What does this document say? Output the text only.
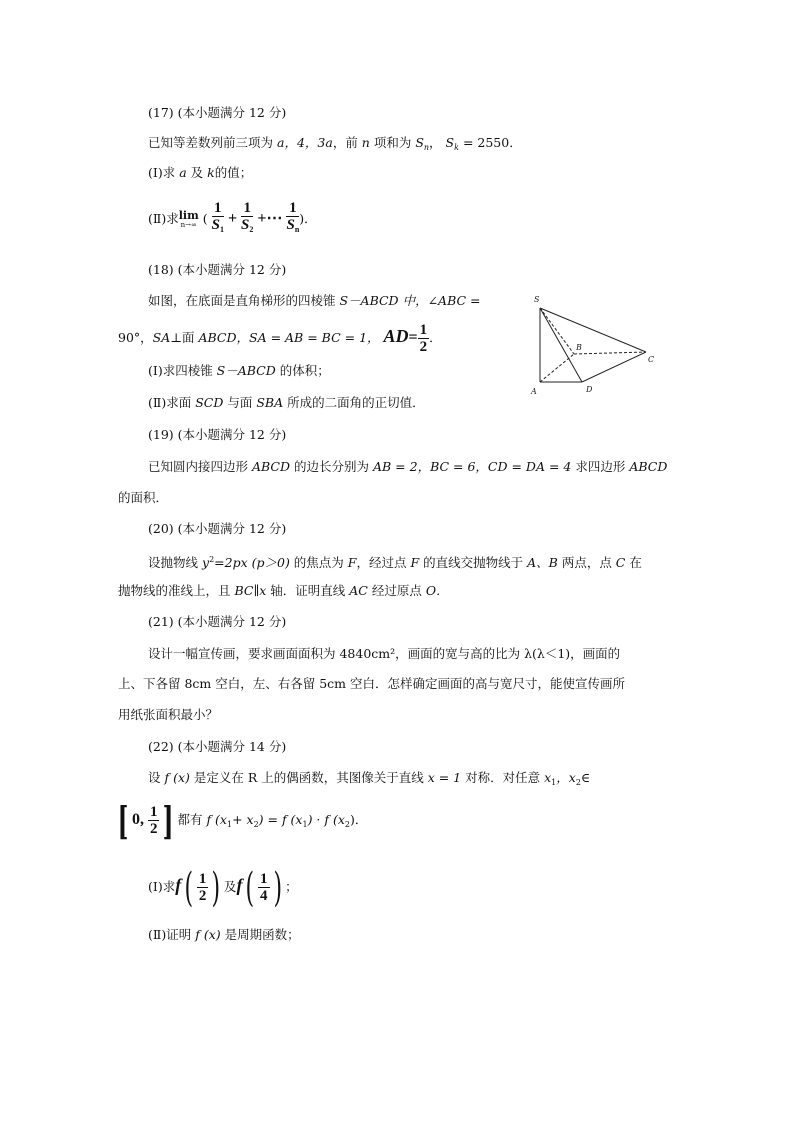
(17) (本小题满分 12 分)
已知等差数列前三项为 a，4，3a，前 n 项和为 $S_n$， $S_k = 2550$．
(Ⅰ)求 a 及 k的值；
(Ⅱ)求lim
n→∞ ( $\frac{1}{S_1} + \frac{1}{S_2}$ +⋯ $\frac{1}{S_n}$ )．
(18) (本小题满分 12 分)
如图，在底面是直角梯形的四棱锥 S－ABCD 中，∠ABC =
90°，SA⊥面 ABCD，SA = AB = BC = 1， $AD= \frac{1}{2}$ ．
(Ⅰ)求四棱锥 S－ABCD 的体积；
(Ⅱ)求面 SCD 与面 SBA 所成的二面角的正切值．
S
A
B
C
D
(19) (本小题满分 12 分)
已知圆内接四边形 ABCD 的边长分别为 AB = 2，BC = 6，CD = DA = 4 求四边形 ABCD
的面积．
(20) (本小题满分 12 分)
设抛物线 $y^2=2px$ (p＞0) 的焦点为 F，经过点 F 的直线交抛物线于 A、B 两点，点 C 在
抛物线的准线上，且 BC∥x 轴．证明直线 AC 经过原点 O．
(21) (本小题满分 12 分)
设计一幅宣传画，要求画面面积为 4840cm²，画面的宽与高的比为 λ(λ＜1)，画面的
上、下各留 8cm 空白，左、右各留 5cm 空白．怎样确定画面的高与宽尺寸，能使宣传画所
用纸张面积最小？
(22) (本小题满分 14 分)
设 f (x) 是定义在 R 上的偶函数，其图像关于直线 x = 1 对称．对任意 $x_1$，$x_2\in$
[ 0, $\frac{1}{2}$ ] 都有 f $(x_1+ x_2) = f$ $(x_1) \cdot f$ $(x_2)$．
(Ⅰ)求$f( \frac{1}{2}$ ) 及$f( \frac{1}{4}$ ) ；
(Ⅱ)证明 f (x) 是周期函数；
